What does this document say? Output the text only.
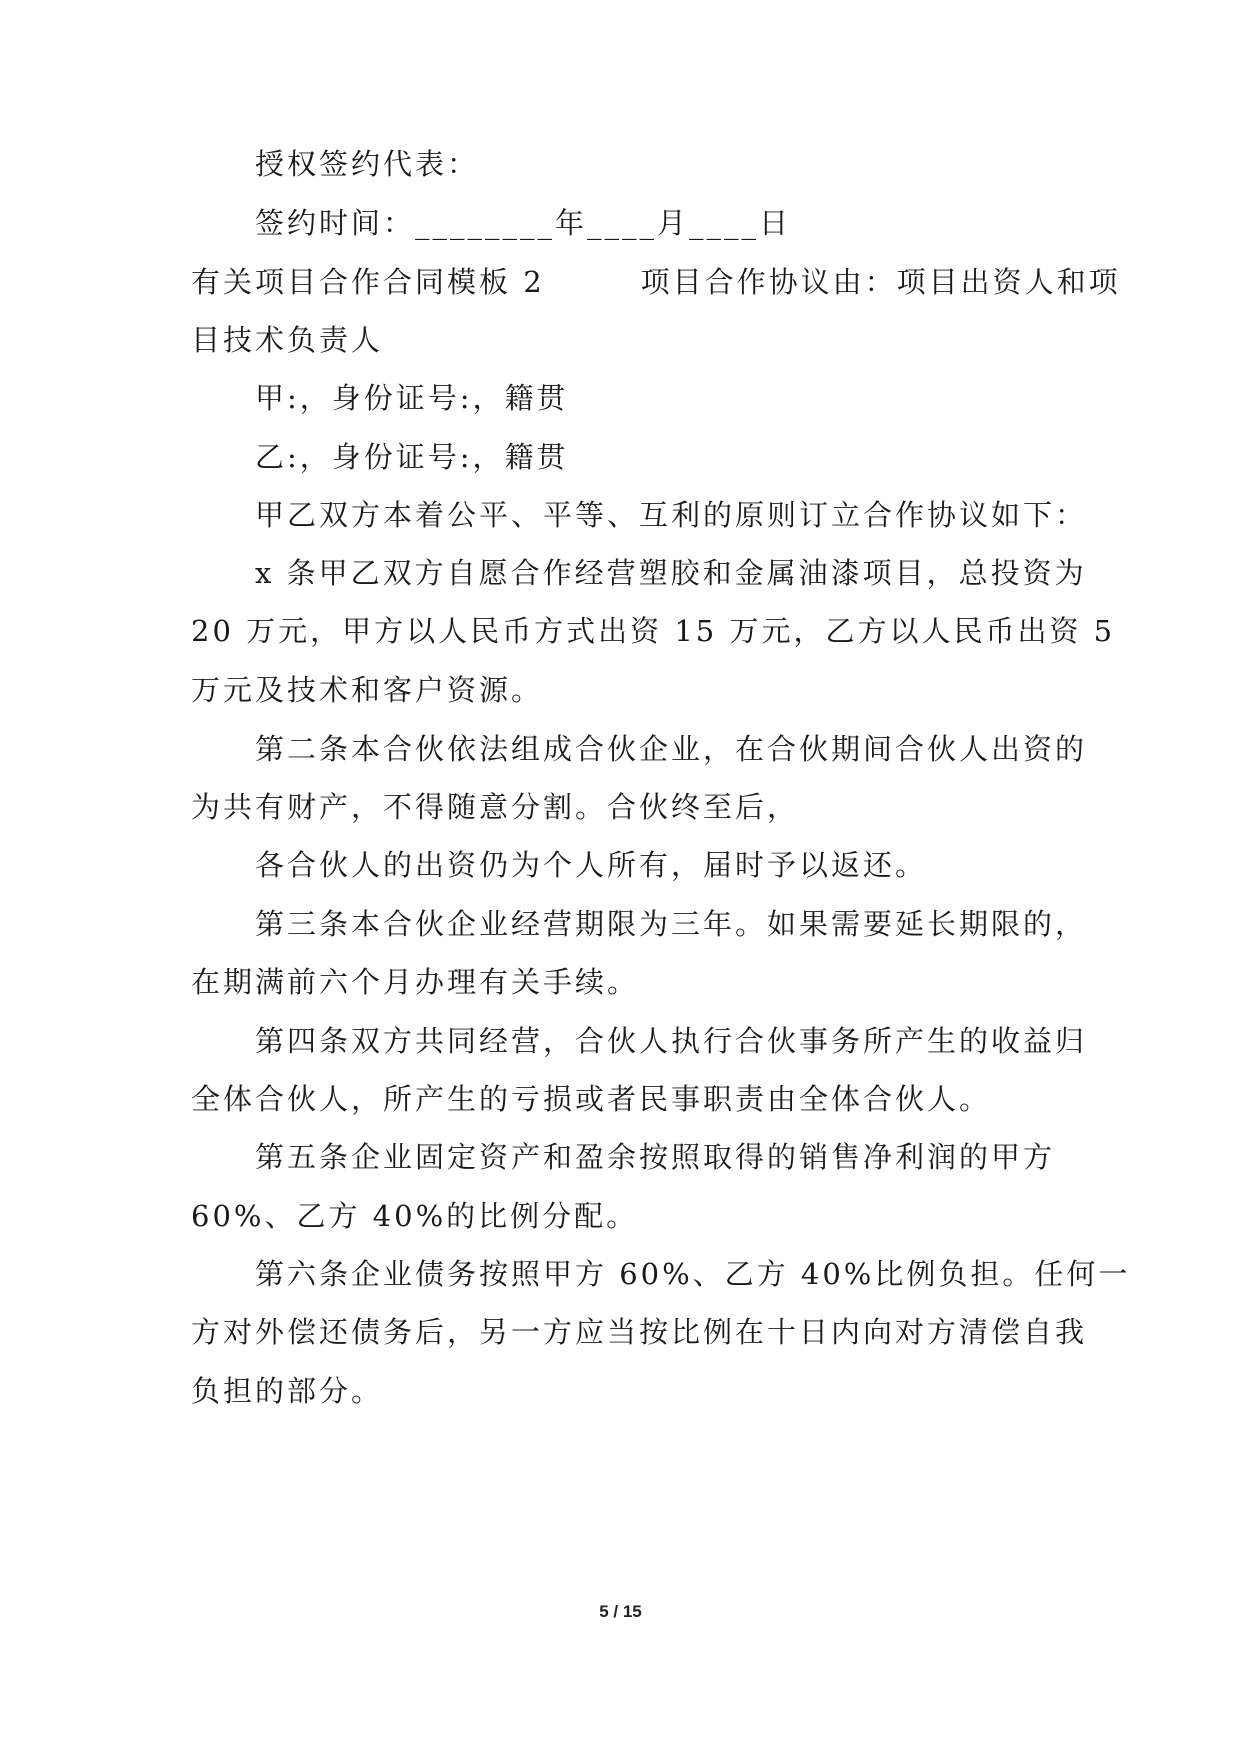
授权签约代表：
签约时间：________年____月____日
有关项目合作合同模板 2　　　项目合作协议由：项目出资人和项
目技术负责人
甲:，身份证号:，籍贯
乙:，身份证号:，籍贯
甲乙双方本着公平、平等、互利的原则订立合作协议如下：
x 条甲乙双方自愿合作经营塑胶和金属油漆项目，总投资为
20 万元，甲方以人民币方式出资 15 万元，乙方以人民币出资 5
万元及技术和客户资源。
第二条本合伙依法组成合伙企业，在合伙期间合伙人出资的
为共有财产，不得随意分割。合伙终至后，
各合伙人的出资仍为个人所有，届时予以返还。
第三条本合伙企业经营期限为三年。如果需要延长期限的，
在期满前六个月办理有关手续。
第四条双方共同经营，合伙人执行合伙事务所产生的收益归
全体合伙人，所产生的亏损或者民事职责由全体合伙人。
第五条企业固定资产和盈余按照取得的销售净利润的甲方
60%、乙方 40%的比例分配。
第六条企业债务按照甲方 60%、乙方 40%比例负担。任何一
方对外偿还债务后，另一方应当按比例在十日内向对方清偿自我
负担的部分。
5 / 15
